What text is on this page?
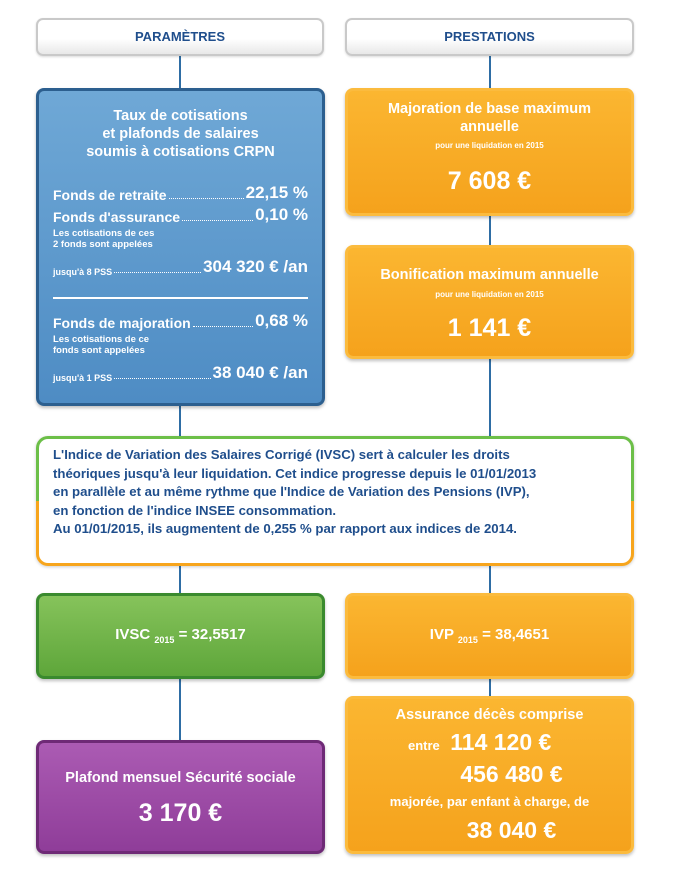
PARAMÈTRES	PRESTATIONS
Taux de cotisations
et plafonds de salaires
soumis à cotisations CRPN
Fonds de retraite	22,15 %
Fonds d'assurance	0,10 %
Les cotisations de ces
2 fonds sont appelées
jusqu'à 8 PSS	304 320 € /an
Fonds de majoration	0,68 %
Les cotisations de ce
fonds sont appelées
jusqu'à 1 PSS	38 040 € /an
Majoration de base maximum
annuelle
pour une liquidation en 2015
7 608 €
Bonification maximum annuelle
pour une liquidation en 2015
1 141 €
L'Indice de Variation des Salaires Corrigé (IVSC) sert à calculer les droits
théoriques jusqu'à leur liquidation. Cet indice progresse depuis le 01/01/2013
en parallèle et au même rythme que l'Indice de Variation des Pensions (IVP),
en fonction de l'indice INSEE consommation.
Au 01/01/2015, ils augmentent de 0,255 % par rapport aux indices de 2014.
IVSC $_{2015}$ = 32,5517	IVP $_{2015}$ = 38,4651
Plafond mensuel Sécurité sociale
3 170 €
Assurance décès comprise
entre 114 120 €
456 480 €
majorée, par enfant à charge, de
38 040 €
